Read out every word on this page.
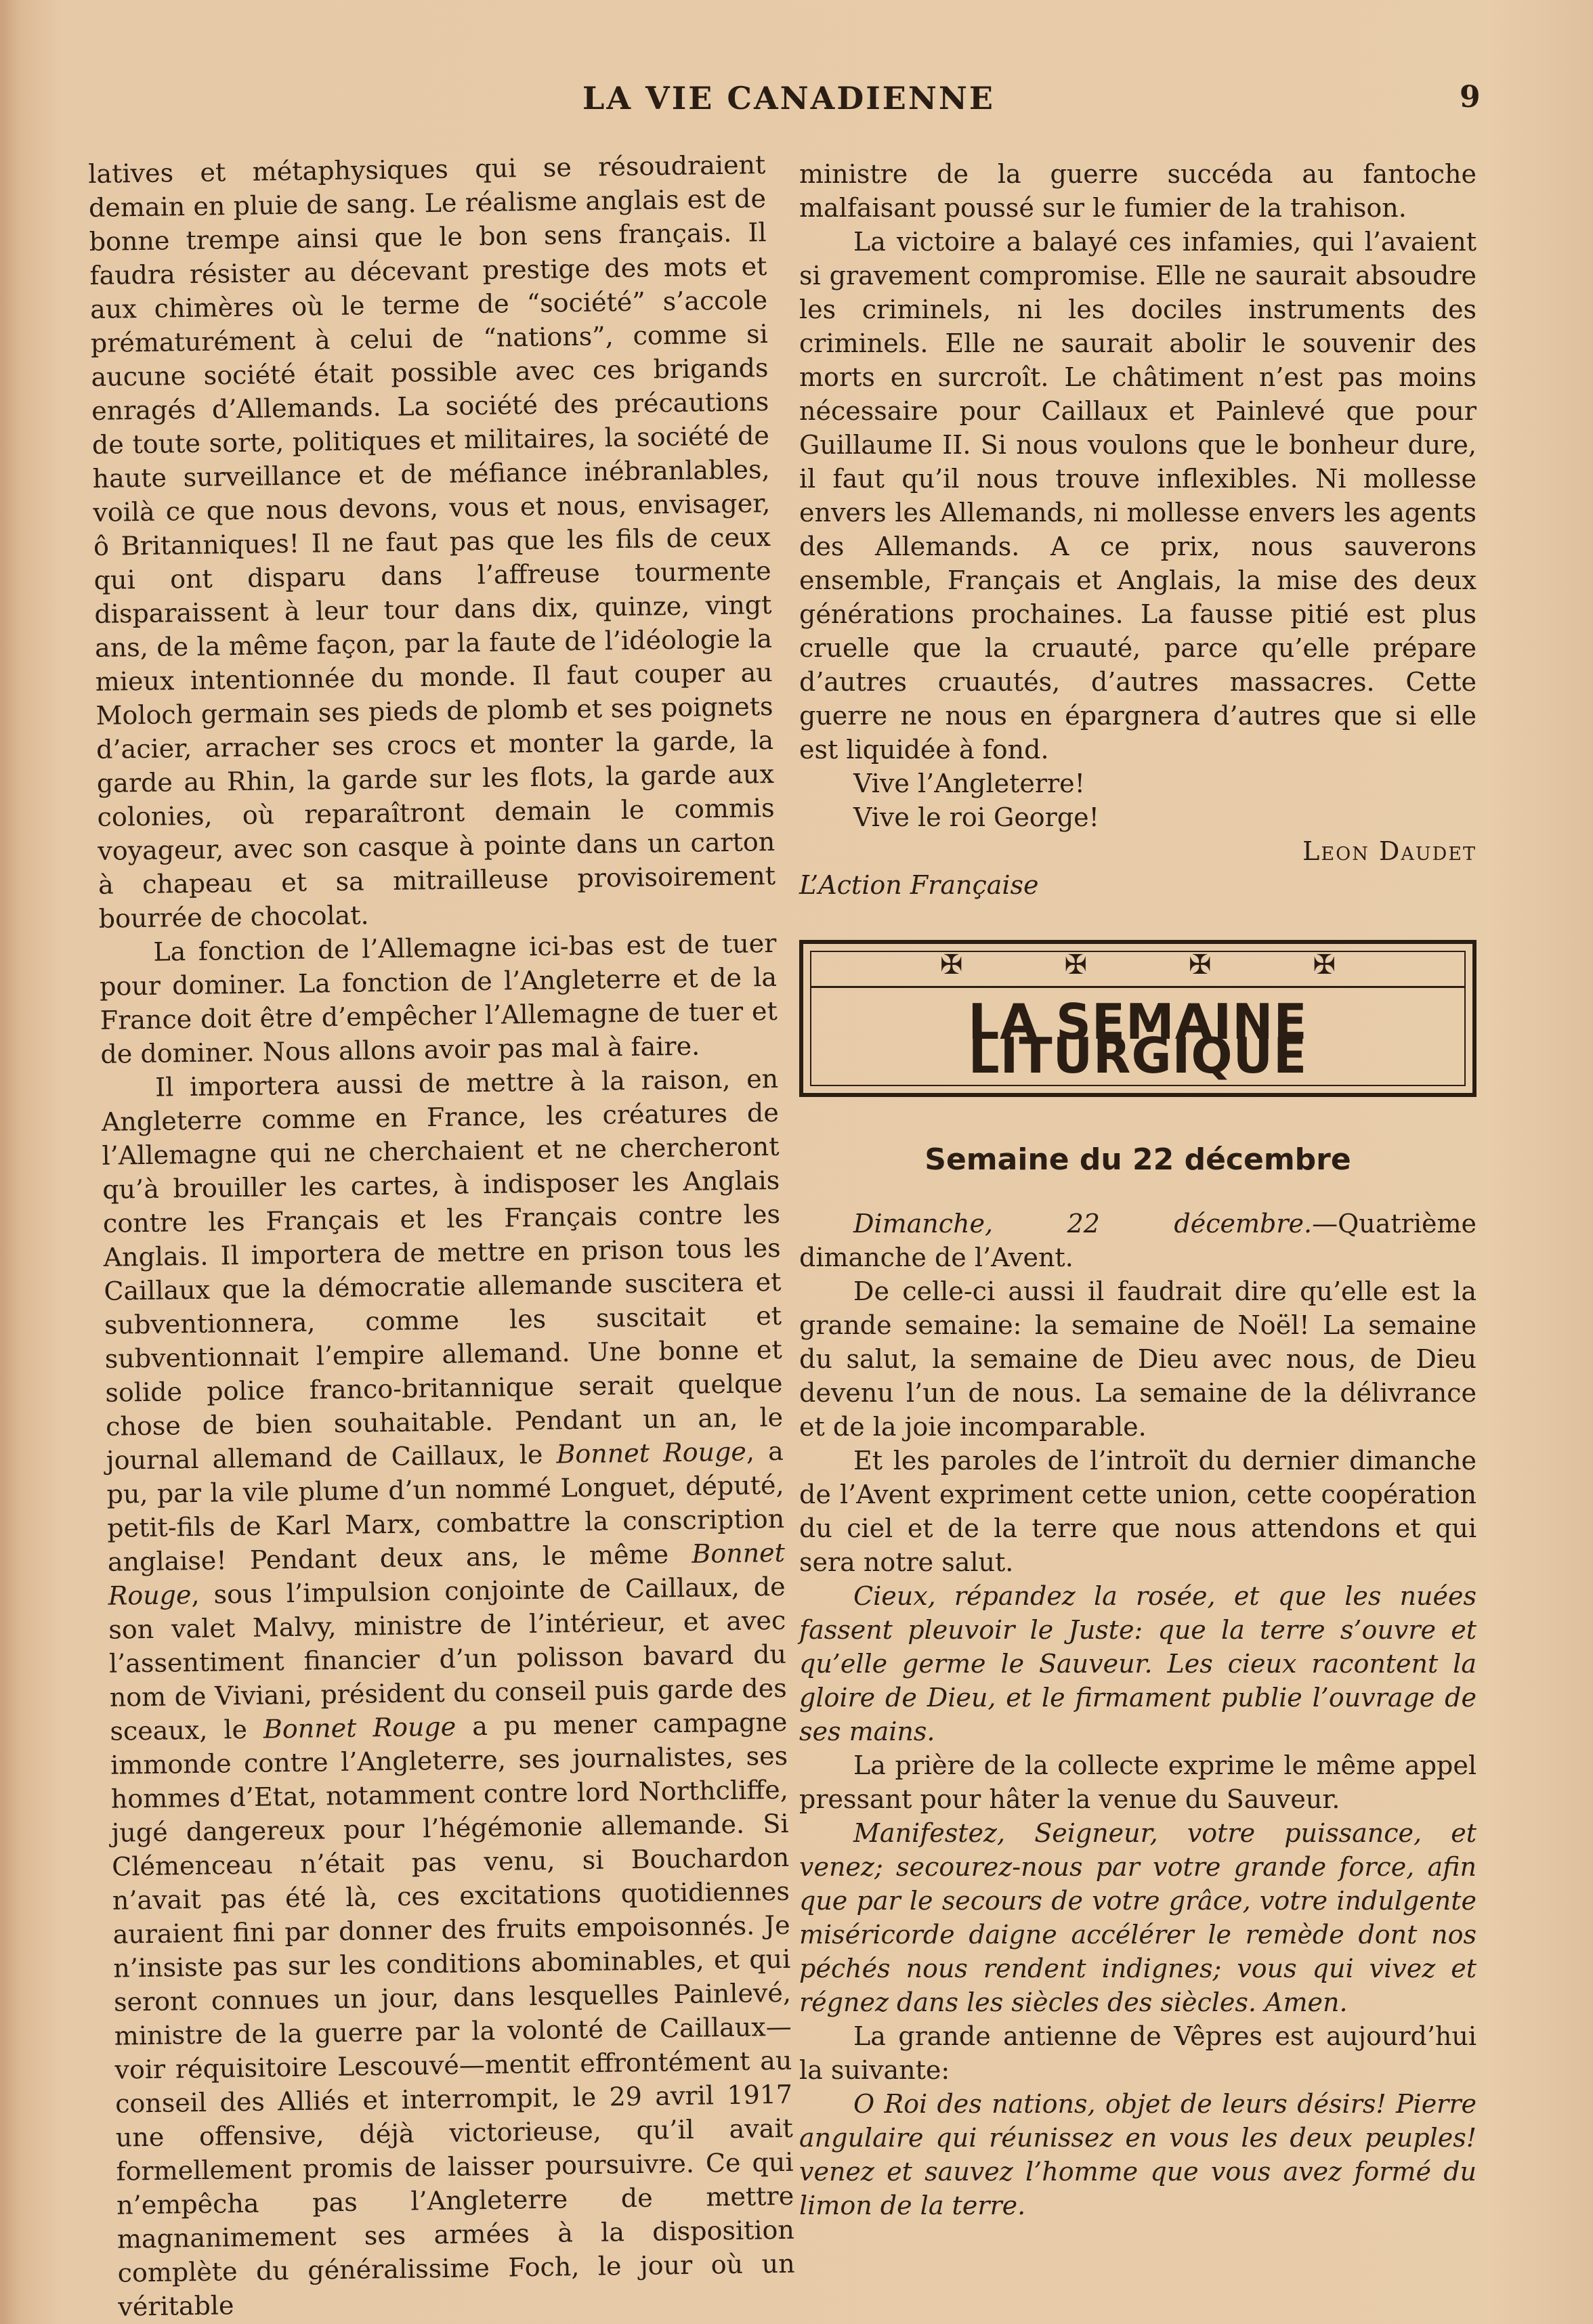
LA VIE CANADIENNE	9

latives et métaphysiques qui se résoudraient demain en pluie de sang. Le réalisme anglais est de bonne trempe ainsi que le bon sens français. Il faudra résister au décevant prestige des mots et aux chimères où le terme de “société” s’accole prématurément à celui de “nations”, comme si aucune société était possible avec ces brigands enragés d’Allemands. La société des précautions de toute sorte, politiques et militaires, la société de haute surveillance et de méfiance inébranlables, voilà ce que nous devons, vous et nous, envisager, ô Britanniques! Il ne faut pas que les fils de ceux qui ont disparu dans l’affreuse tourmente disparaissent à leur tour dans dix, quinze, vingt ans, de la même façon, par la faute de l’idéologie la mieux intentionnée du monde. Il faut couper au Moloch germain ses pieds de plomb et ses poignets d’acier, arracher ses crocs et monter la garde, la garde au Rhin, la garde sur les flots, la garde aux colonies, où reparaîtront demain le commis voyageur, avec son casque à pointe dans un carton à chapeau et sa mitrailleuse provisoirement bourrée de chocolat.

La fonction de l’Allemagne ici-bas est de tuer pour dominer. La fonction de l’Angleterre et de la France doit être d’empêcher l’Allemagne de tuer et de dominer. Nous allons avoir pas mal à faire.

Il importera aussi de mettre à la raison, en Angleterre comme en France, les créatures de l’Allemagne qui ne cherchaient et ne chercheront qu’à brouiller les cartes, à indisposer les Anglais contre les Français et les Français contre les Anglais. Il importera de mettre en prison tous les Caillaux que la démocratie allemande suscitera et subventionnera, comme les suscitait et subventionnait l’empire allemand. Une bonne et solide police franco-britannique serait quelque chose de bien souhaitable. Pendant un an, le journal allemand de Caillaux, le Bonnet Rouge, a pu, par la vile plume d’un nommé Longuet, député, petit-fils de Karl Marx, combattre la conscription anglaise! Pendant deux ans, le même Bonnet Rouge, sous l’impulsion conjointe de Caillaux, de son valet Malvy, ministre de l’intérieur, et avec l’assentiment financier d’un polisson bavard du nom de Viviani, président du conseil puis garde des sceaux, le Bonnet Rouge a pu mener campagne immonde contre l’Angleterre, ses journalistes, ses hommes d’Etat, notamment contre lord Northcliffe, jugé dangereux pour l’hégémonie allemande. Si Clémenceau n’était pas venu, si Bouchardon n’avait pas été là, ces excitations quotidiennes auraient fini par donner des fruits empoisonnés. Je n’insiste pas sur les conditions abominables, et qui seront connues un jour, dans lesquelles Painlevé, ministre de la guerre par la volonté de Caillaux—voir réquisitoire Lescouvé—mentit effrontément au conseil des Alliés et interrompit, le 29 avril 1917 une offensive, déjà victorieuse, qu’il avait formellement promis de laisser poursuivre. Ce qui n’empêcha pas l’Angleterre de mettre magnanimement ses armées à la disposition complète du généralissime Foch, le jour où un véritable

ministre de la guerre succéda au fantoche malfaisant poussé sur le fumier de la trahison.

La victoire a balayé ces infamies, qui l’avaient si gravement compromise. Elle ne saurait absoudre les criminels, ni les dociles instruments des criminels. Elle ne saurait abolir le souvenir des morts en surcroît. Le châtiment n’est pas moins nécessaire pour Caillaux et Painlevé que pour Guillaume II. Si nous voulons que le bonheur dure, il faut qu’il nous trouve inflexibles. Ni mollesse envers les Allemands, ni mollesse envers les agents des Allemands. A ce prix, nous sauverons ensemble, Français et Anglais, la mise des deux générations prochaines. La fausse pitié est plus cruelle que la cruauté, parce qu’elle prépare d’autres cruautés, d’autres massacres. Cette guerre ne nous en épargnera d’autres que si elle est liquidée à fond.

Vive l’Angleterre!

Vive le roi George!

Leon Daudet

L’Action Française

✠	✠	✠	✠
LA SEMAINE LITURGIQUE
Semaine du 22 décembre

Dimanche, 22 décembre.—Quatrième dimanche de l’Avent.

De celle-ci aussi il faudrait dire qu’elle est la grande semaine: la semaine de Noël! La semaine du salut, la semaine de Dieu avec nous, de Dieu devenu l’un de nous. La semaine de la délivrance et de la joie incomparable.

Et les paroles de l’introït du dernier dimanche de l’Avent expriment cette union, cette coopération du ciel et de la terre que nous attendons et qui sera notre salut.

Cieux, répandez la rosée, et que les nuées fassent pleuvoir le Juste: que la terre s’ouvre et qu’elle germe le Sauveur. Les cieux racontent la gloire de Dieu, et le firmament publie l’ouvrage de ses mains.

La prière de la collecte exprime le même appel pressant pour hâter la venue du Sauveur.

Manifestez, Seigneur, votre puissance, et venez; secourez-nous par votre grande force, afin que par le secours de votre grâce, votre indulgente miséricorde daigne accélérer le remède dont nos péchés nous rendent indignes; vous qui vivez et régnez dans les siècles des siècles. Amen.

La grande antienne de Vêpres est aujourd’hui la suivante:

O Roi des nations, objet de leurs désirs! Pierre angulaire qui réunissez en vous les deux peuples! venez et sauvez l’homme que vous avez formé du limon de la terre.
